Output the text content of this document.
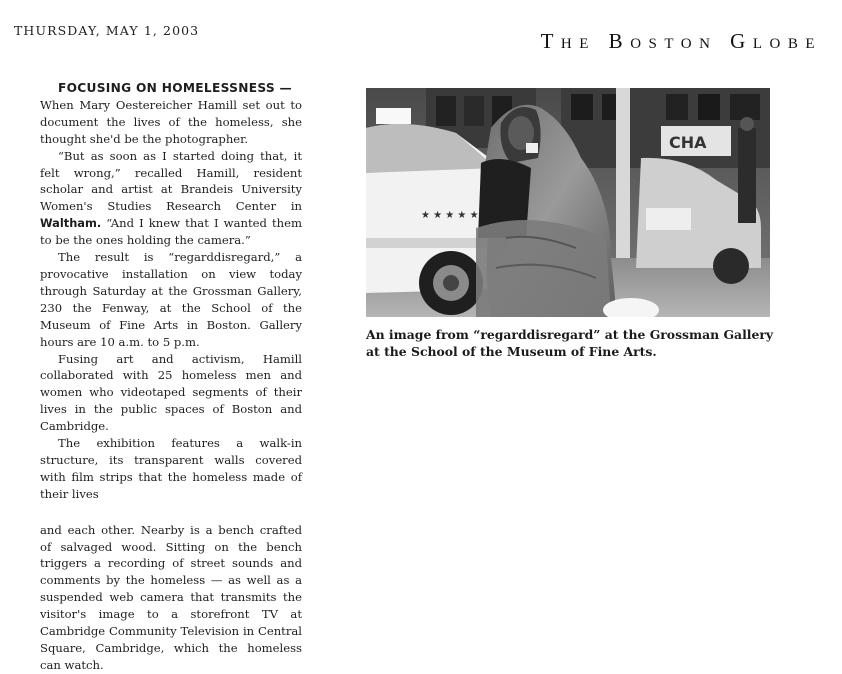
THURSDAY, MAY 1, 2003	The Boston Globe

FOCUSING ON HOMELESSNESS —
When Mary Oestereicher Hamill set out to document the lives of the homeless, she thought she'd be the photographer.

“But as soon as I started doing that, it felt wrong,” recalled Hamill, resident scholar and artist at Brandeis University Women's Studies Research Center in Waltham. “And I knew that I wanted them to be the ones holding the camera.”

The result is “regarddisregard,” a provocative installation on view today through Saturday at the Grossman Gallery, 230 the Fenway, at the School of the Museum of Fine Arts in Boston. Gallery hours are 10 a.m. to 5 p.m.

Fusing art and activism, Hamill collaborated with 25 homeless men and women who videotaped segments of their lives in the public spaces of Boston and Cambridge.

The exhibition features a walk-in structure, its transparent walls covered with film strips that the homeless made of their lives

and each other. Nearby is a bench crafted of salvaged wood. Sitting on the bench triggers a recording of street sounds and comments by the homeless — as well as a suspended web camera that transmits the visitor's image to a storefront TV at Cambridge Community Television in Central Square, Cambridge, which the homeless can watch.

CHA
★ ★ ★ ★ ★
An image from “regarddisregard” at the Grossman Gallery at the School of the Museum of Fine Arts.
